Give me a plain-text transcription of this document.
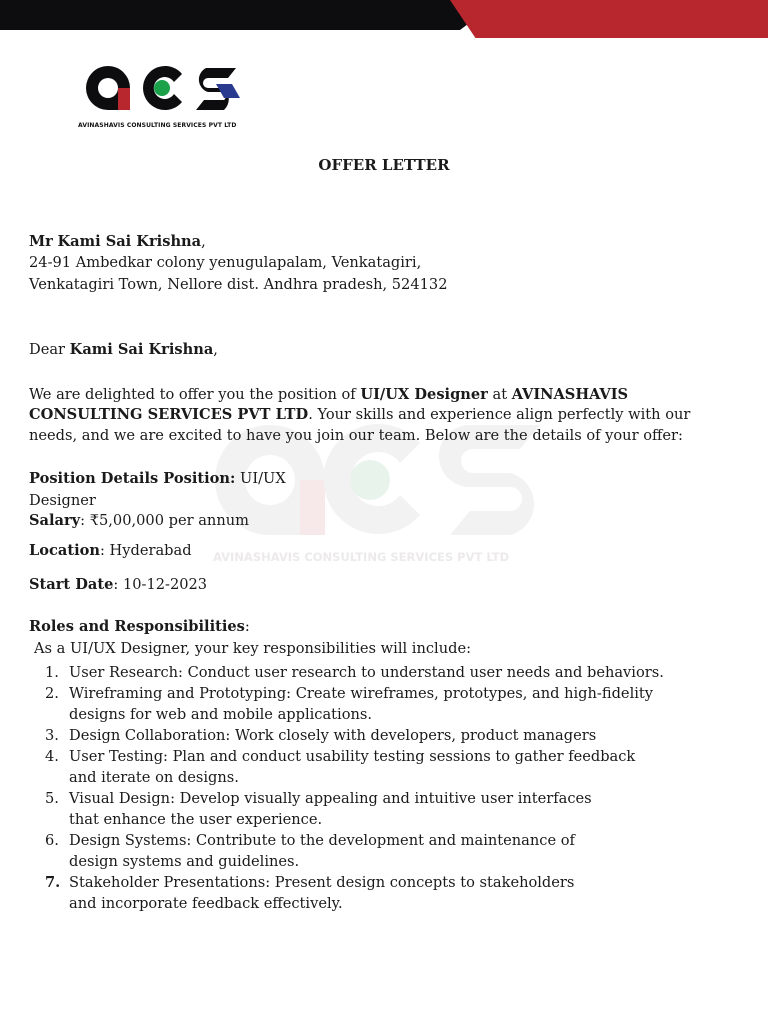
AVINASHAVIS CONSULTING SERVICES PVT LTD
AVINASHAVIS CONSULTING SERVICES PVT LTD
OFFER LETTER
Mr Kami Sai Krishna,
24-91 Ambedkar colony yenugulapalam, Venkatagiri,
Venkatagiri Town, Nellore dist. Andhra pradesh, 524132
Dear Kami Sai Krishna,
We are delighted to offer you the position of UI/UX Designer at AVINASHAVIS
CONSULTING SERVICES PVT LTD. Your skills and experience align perfectly with our
needs, and we are excited to have you join our team. Below are the details of your offer:
Position Details Position: UI/UX
Designer
Salary: ₹5,00,000 per annum
Location: Hyderabad
Start Date: 10-12-2023
Roles and Responsibilities:
As a UI/UX Designer, your key responsibilities will include:
1. User Research: Conduct user research to understand user needs and behaviors.
2. Wireframing and Prototyping: Create wireframes, prototypes, and high-fidelity
designs for web and mobile applications.
3. Design Collaboration: Work closely with developers, product managers
4. User Testing: Plan and conduct usability testing sessions to gather feedback
and iterate on designs.
5. Visual Design: Develop visually appealing and intuitive user interfaces
that enhance the user experience.
6. Design Systems: Contribute to the development and maintenance of
design systems and guidelines.
7. Stakeholder Presentations: Present design concepts to stakeholders
and incorporate feedback effectively.
